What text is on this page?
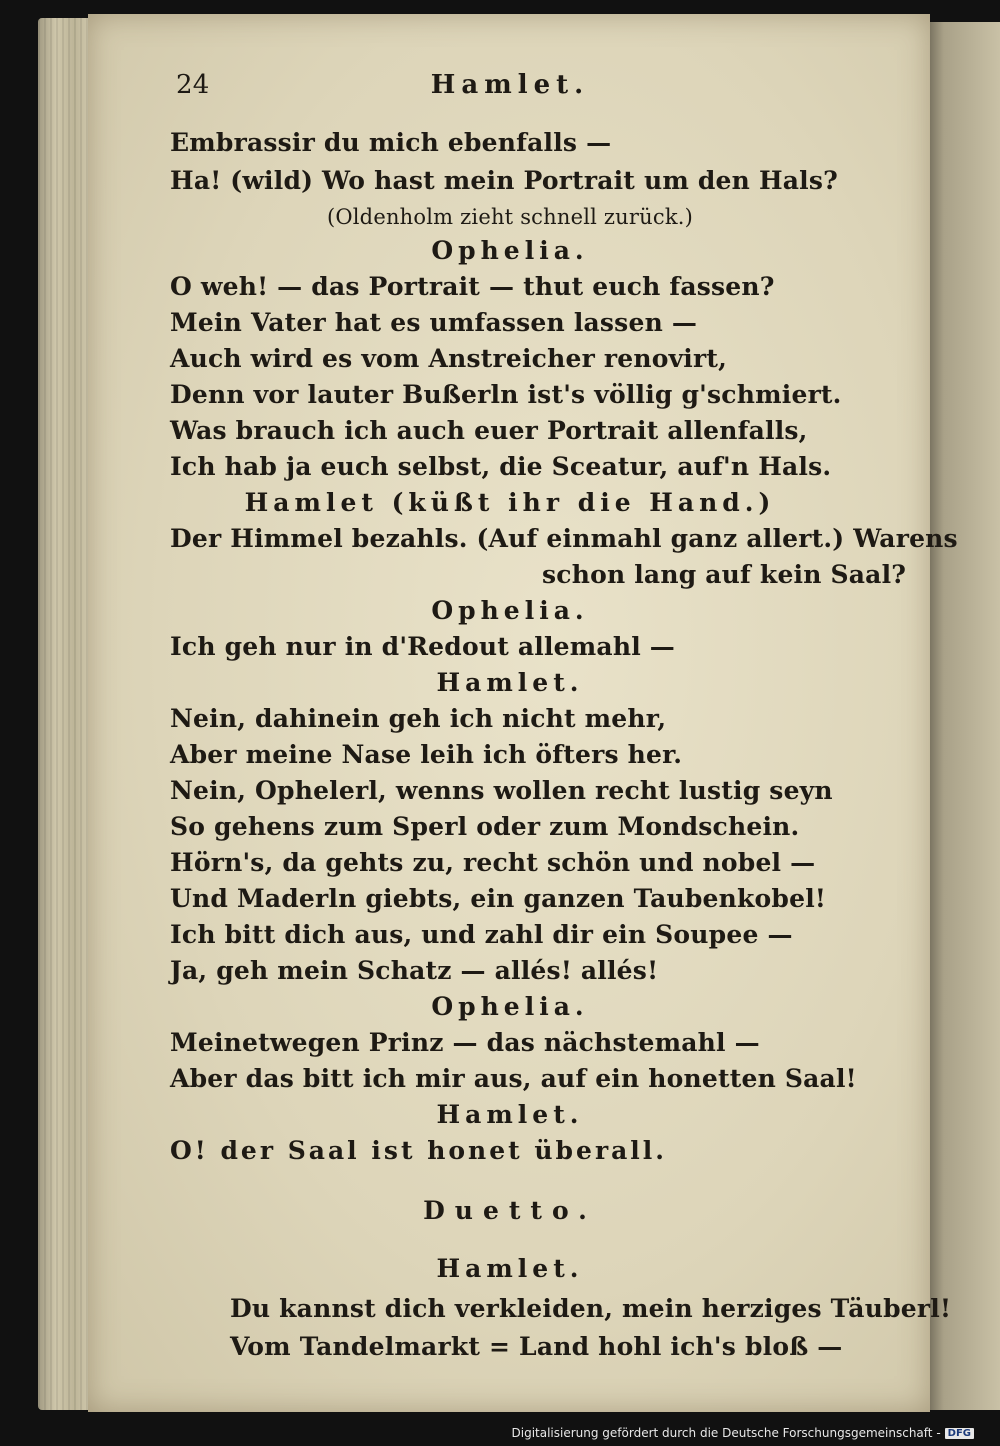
24	Hamlet.
Embrassir du mich ebenfalls —
Ha! (wild) Wo hast mein Portrait um den Hals?
(Oldenholm zieht schnell zurück.)
Ophelia.
O weh! — das Portrait — thut euch fassen?
Mein Vater hat es umfassen lassen —
Auch wird es vom Anstreicher renovirt,
Denn vor lauter Bußerln ist's völlig g'schmiert.
Was brauch ich auch euer Portrait allenfalls,
Ich hab ja euch selbst, die Sceatur, auf'n Hals.
Hamlet (küßt ihr die Hand.)
Der Himmel bezahls. (Auf einmahl ganz allert.) Warens
schon lang auf kein Saal?
Ophelia.
Ich geh nur in d'Redout allemahl —
Hamlet.
Nein, dahinein geh ich nicht mehr,
Aber meine Nase leih ich öfters her.
Nein, Ophelerl, wenns wollen recht lustig seyn
So gehens zum Sperl oder zum Mondschein.
Hörn's, da gehts zu, recht schön und nobel —
Und Maderln giebts, ein ganzen Taubenkobel!
Ich bitt dich aus, und zahl dir ein Soupee —
Ja, geh mein Schatz — allés! allés!
Ophelia.
Meinetwegen Prinz — das nächstemahl —
Aber das bitt ich mir aus, auf ein honetten Saal!
Hamlet.
O! der Saal ist honet überall.
Duetto.
Hamlet.
Du kannst dich verkleiden, mein herziges Täuberl!
Vom Tandelmarkt = Land hohl ich's bloß —
Digitalisierung gefördert durch die Deutsche Forschungsgemeinschaft - DFG
